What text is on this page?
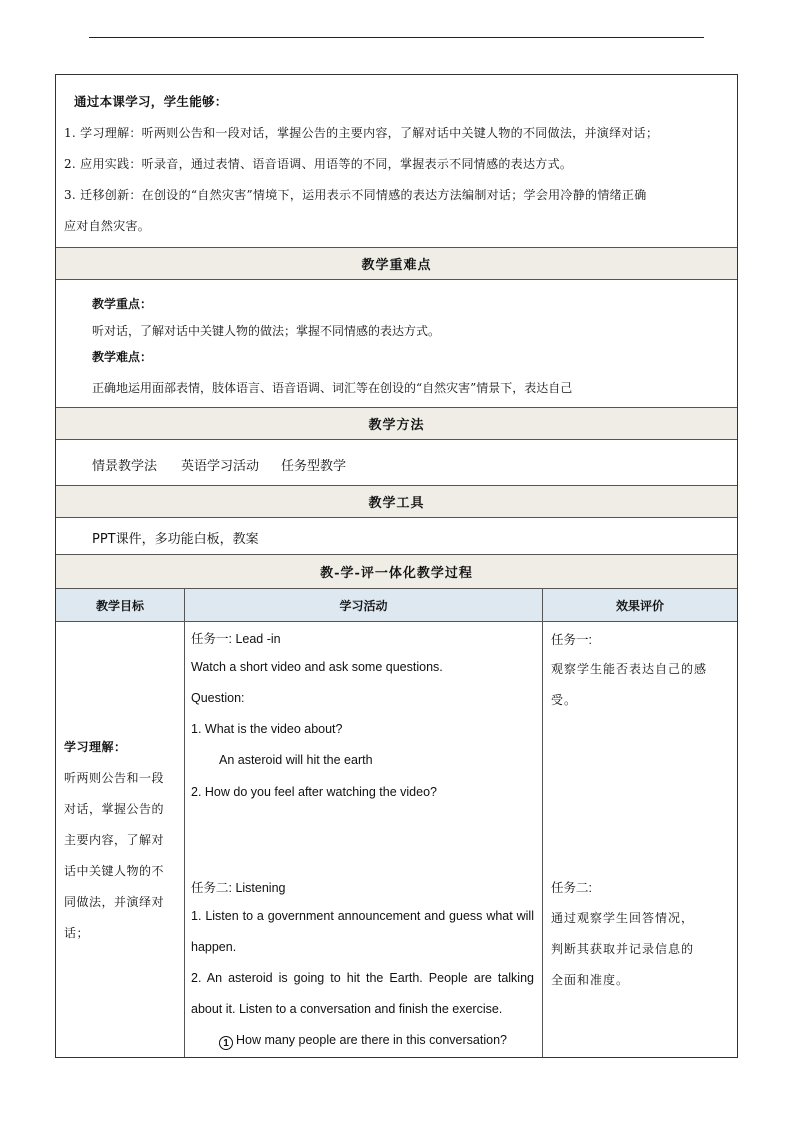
通过本课学习，学生能够：
1. 学习理解：听两则公告和一段对话，掌握公告的主要内容，了解对话中关键人物的不同做法，并演绎对话；
2. 应用实践：听录音，通过表情、语音语调、用语等的不同，掌握表示不同情感的表达方式。
3. 迁移创新：在创设的“自然灾害”情境下，运用表示不同情感的表达方法编制对话；学会用冷静的情绪正确
应对自然灾害。
教学重难点
教学重点：
听对话，了解对话中关键人物的做法；掌握不同情感的表达方式。
教学难点：
正确地运用面部表情，肢体语言、语音语调、词汇等在创设的“自然灾害”情景下，表达自己
教学方法
情景教学法 英语学习活动 任务型教学
教学工具
PPT课件，多功能白板，教案
教-学-评一体化教学过程
教学目标	学习活动	效果评价
学习理解：
听两则公告和一段
对话，掌握公告的
主要内容，了解对
话中关键人物的不
同做法，并演绎对
话；
任务一: Lead -in
Watch a short video and ask some questions.
Question:
1. What is the video about?
An asteroid will hit the earth
2. How do you feel after watching the video?
任务二: Listening
1. Listen to a government announcement and guess what will
happen.
2. An asteroid is going to hit the Earth. People are talking
about it. Listen to a conversation and finish the exercise.
1 How many people are there in this conversation?
任务一:
观察学生能否表达自己的感
受。
任务二:
通过观察学生回答情况，
判断其获取并记录信息的
全面和准度。
